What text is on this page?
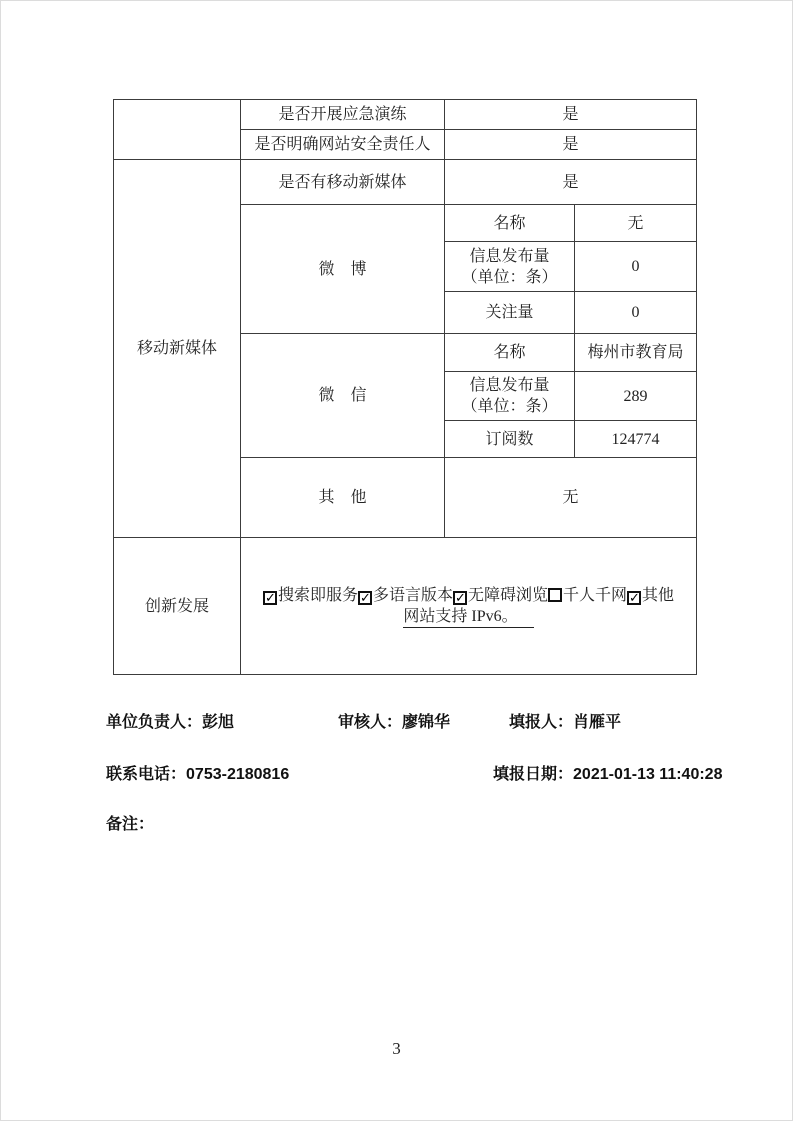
	是否开展应急演练	是	
	是否明确网站安全责任人	是	
移动新媒体	是否有移动新媒体	是	
	微　博	名称	无

		信息发布量
（单位：条）	0
		关注量	0
	微　信	名称	梅州市教育局

		信息发布量
（单位：条）	289
		订阅数	124774
	其　他	无	
创新发展	✓ 搜索即服务 ✓ 多语言版本 ✓ 无障碍浏览 千人千网 ✓ 其他
网站支持 IPv6。		
单位负责人：彭旭	审核人：廖锦华	填报人：肖雁平
联系电话：0753-2180816	填报日期：2021-01-13 11:40:28
备注：
3
